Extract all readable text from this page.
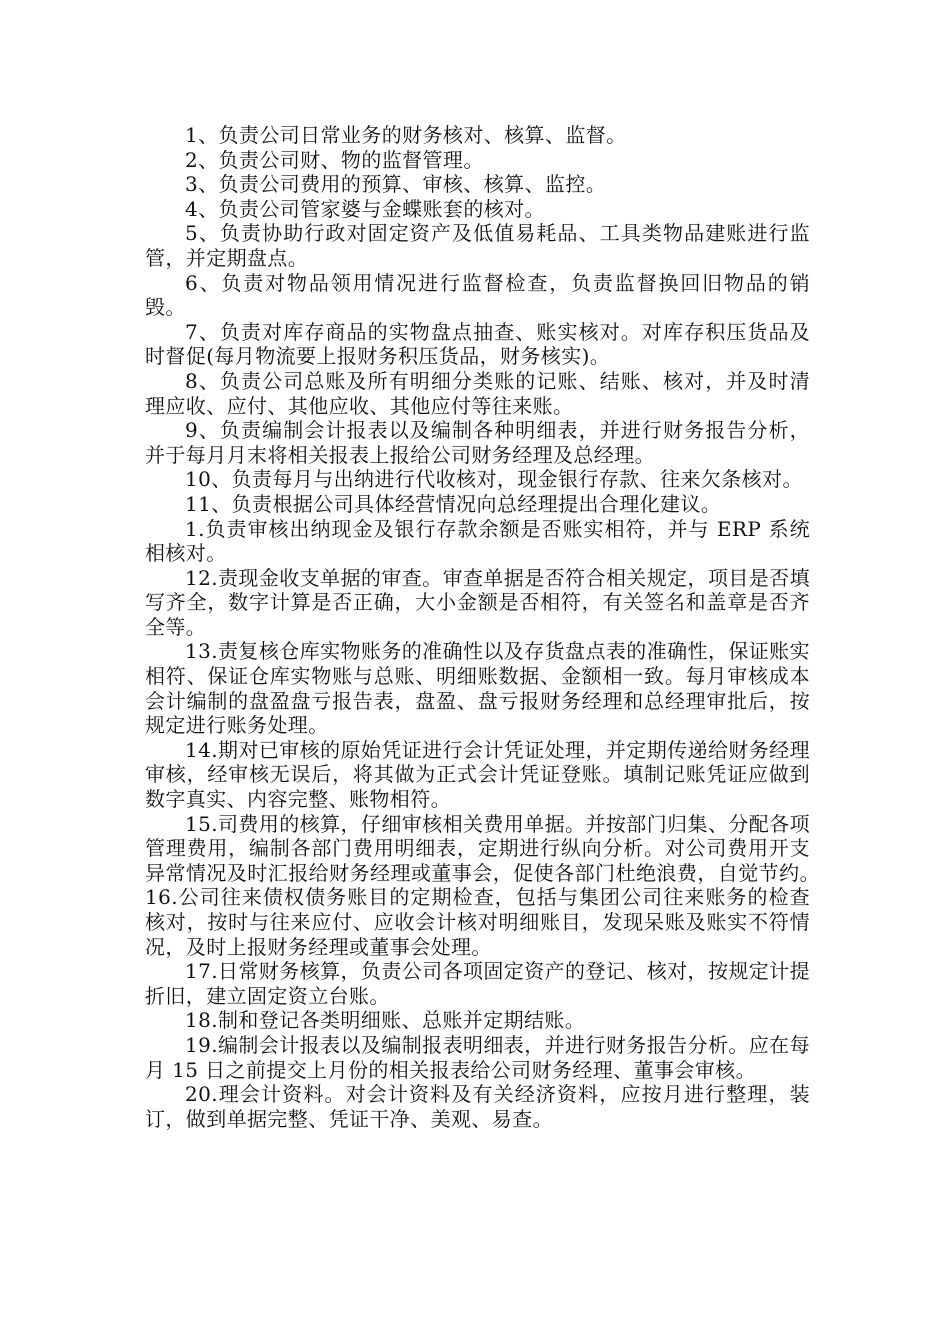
1、负责公司日常业务的财务核对、核算、监督。

2、负责公司财、物的监督管理。

3、负责公司费用的预算、审核、核算、监控。

4、负责公司管家婆与金蝶账套的核对。

5、负责协助行政对固定资产及低值易耗品、工具类物品建账进行监管，并定期盘点。

6、负责对物品领用情况进行监督检查，负责监督换回旧物品的销毁。

7、负责对库存商品的实物盘点抽查、账实核对。对库存积压货品及时督促(每月物流要上报财务积压货品，财务核实)。

8、负责公司总账及所有明细分类账的记账、结账、核对，并及时清理应收、应付、其他应收、其他应付等往来账。

9、负责编制会计报表以及编制各种明细表，并进行财务报告分析，并于每月月末将相关报表上报给公司财务经理及总经理。

10、负责每月与出纳进行代收核对，现金银行存款、往来欠条核对。

11、负责根据公司具体经营情况向总经理提出合理化建议。

1.负责审核出纳现金及银行存款余额是否账实相符，并与 ERP 系统相核对。

12.责现金收支单据的审查。审查单据是否符合相关规定，项目是否填写齐全，数字计算是否正确，大小金额是否相符，有关签名和盖章是否齐全等。

13.责复核仓库实物账务的准确性以及存货盘点表的准确性，保证账实相符、保证仓库实物账与总账、明细账数据、金额相一致。每月审核成本会计编制的盘盈盘亏报告表，盘盈、盘亏报财务经理和总经理审批后，按规定进行账务处理。

14.期对已审核的原始凭证进行会计凭证处理，并定期传递给财务经理审核，经审核无误后，将其做为正式会计凭证登账。填制记账凭证应做到数字真实、内容完整、账物相符。

15.司费用的核算，仔细审核相关费用单据。并按部门归集、分配各项管理费用，编制各部门费用明细表，定期进行纵向分析。对公司费用开支异常情况及时汇报给财务经理或董事会，促使各部门杜绝浪费，自觉节约。　　16.公司往来债权债务账目的定期检查，包括与集团公司往来账务的检查核对，按时与往来应付、应收会计核对明细账目，发现呆账及账实不符情况，及时上报财务经理或董事会处理。

17.日常财务核算，负责公司各项固定资产的登记、核对，按规定计提折旧，建立固定资立台账。

18.制和登记各类明细账、总账并定期结账。

19.编制会计报表以及编制报表明细表，并进行财务报告分析。应在每月 15 日之前提交上月份的相关报表给公司财务经理、董事会审核。

20.理会计资料。对会计资料及有关经济资料，应按月进行整理，装订，做到单据完整、凭证干净、美观、易查。
